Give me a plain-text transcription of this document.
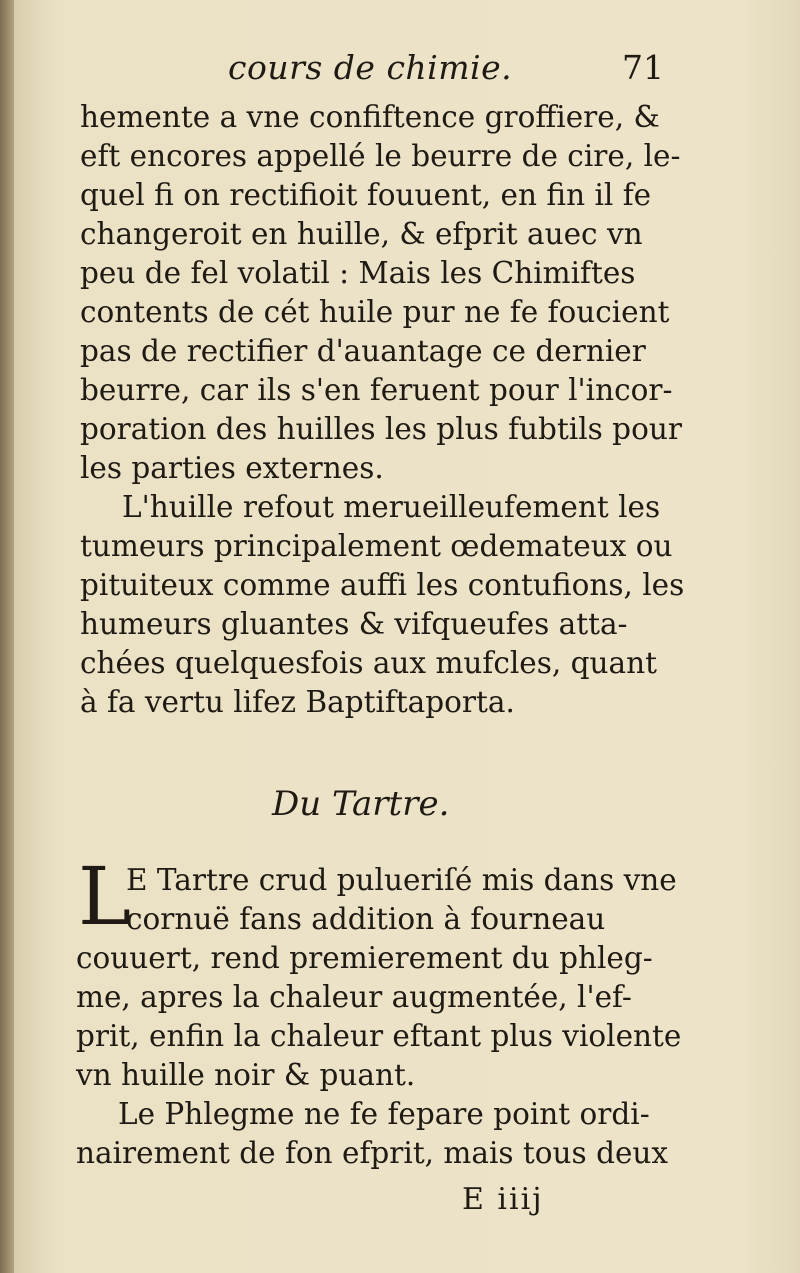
cours de chimie.	71
hemente a vne confiftence groffiere, &
eft encores appellé le beurre de cire, le-
quel fi on rectifioit fouuent, en fin il fe
changeroit en huille, & efprit auec vn
peu de fel volatil : Mais les Chimiftes
contents de cét huile pur ne fe foucient
pas de rectifier d'auantage ce dernier
beurre, car ils s'en feruent pour l'incor-
poration des huilles les plus fubtils pour
les parties externes.
L'huille refout merueilleufement les
tumeurs principalement œdemateux ou
pituiteux comme auffi les contufions, les
humeurs gluantes & vifqueufes atta-
chées quelquesfois aux mufcles, quant
à fa vertu lifez Baptiftaporta.
Du Tartre.
L
E Tartre crud pulueriſé mis dans vne
cornuë fans addition à fourneau
couuert, rend premierement du phleg-
me, apres la chaleur augmentée, l'ef-
prit, enfin la chaleur eftant plus violente
vn huille noir & puant.
Le Phlegme ne fe fepare point ordi-
nairement de fon efprit, mais tous deux
E iiij
